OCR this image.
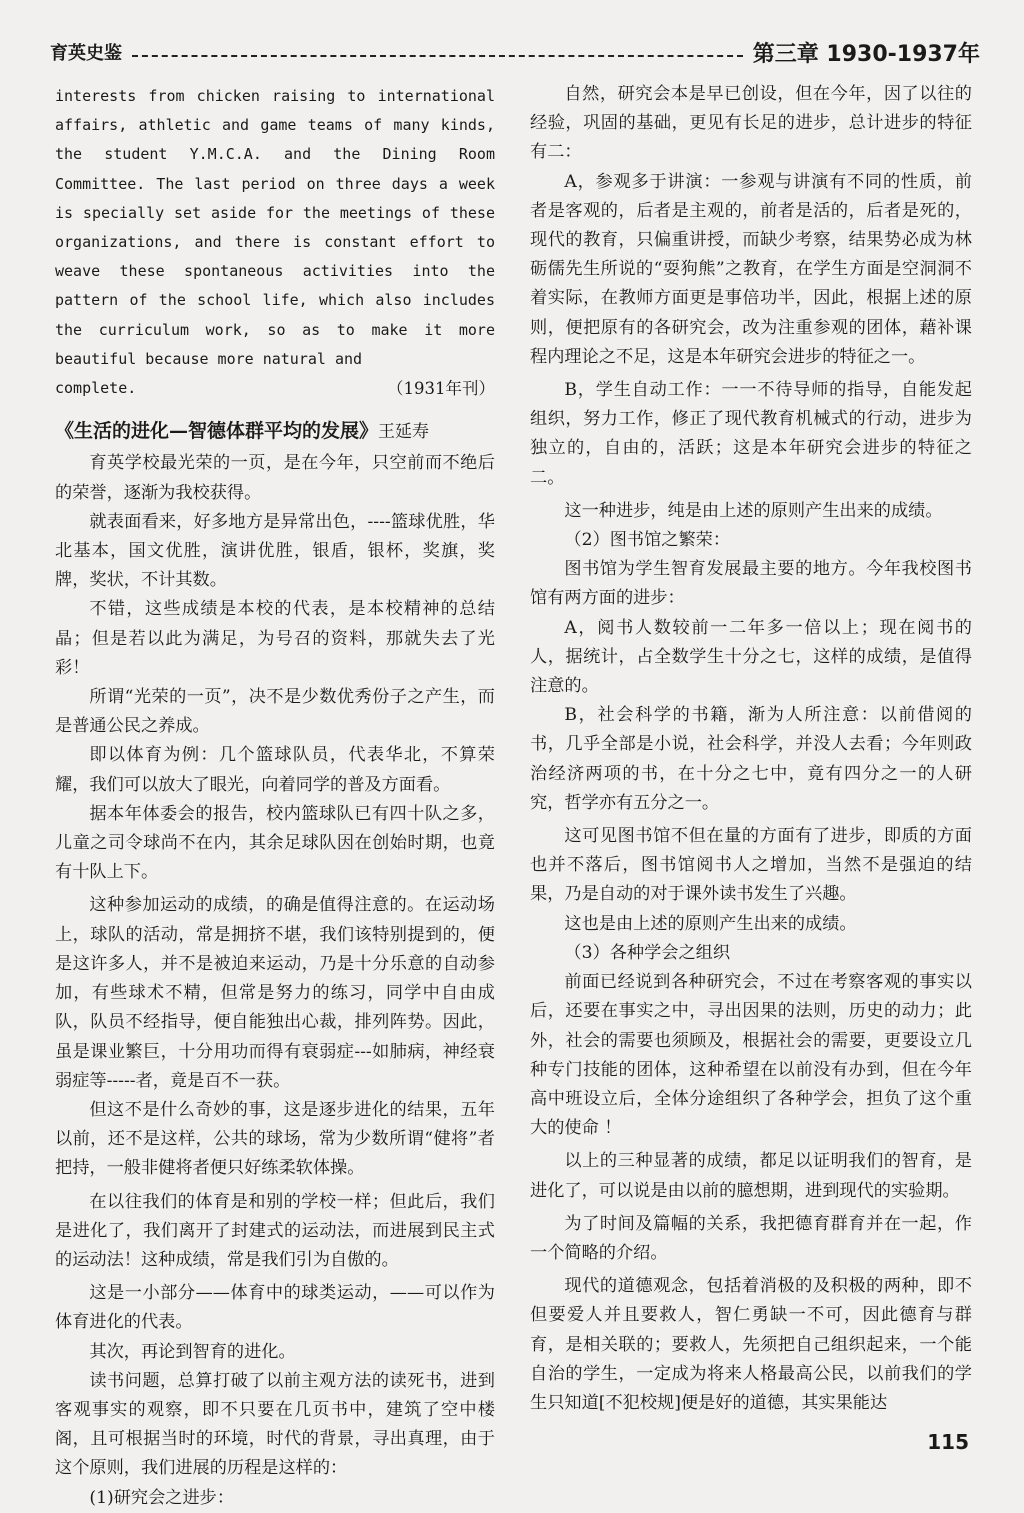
育英史鉴	第三章 1930-1937年
interests from chicken raising to international affairs, athletic and game teams of many kinds, the student Y.M.C.A. and the Dining Room Committee. The last period on three days a week is specially set aside for the meetings of these organizations, and there is constant effort to weave these spontaneous activities into the pattern of the school life, which also includes the curriculum work, so as to make it more beautiful because more natural and
complete.	（1931年刊）
《生活的进化—智德体群平均的发展》王延寿

育英学校最光荣的一页，是在今年，只空前而不绝后的荣誉，逐渐为我校获得。

就表面看来，好多地方是异常出色，----篮球优胜，华北基本，国文优胜，演讲优胜，银盾，银杯，奖旗，奖牌，奖状，不计其数。

不错，这些成绩是本校的代表，是本校精神的总结晶；但是若以此为满足，为号召的资料，那就失去了光彩！

所谓“光荣的一页”，决不是少数优秀份子之产生，而是普通公民之养成。

即以体育为例：几个篮球队员，代表华北，不算荣耀，我们可以放大了眼光，向着同学的普及方面看。

据本年体委会的报告，校内篮球队已有四十队之多，儿童之司令球尚不在内，其余足球队因在创始时期，也竟有十队上下。

这种参加运动的成绩，的确是值得注意的。在运动场上，球队的活动，常是拥挤不堪，我们该特别提到的，便是这许多人，并不是被迫来运动，乃是十分乐意的自动参加，有些球术不精，但常是努力的练习，同学中自由成队，队员不经指导，便自能独出心裁，排列阵势。因此，虽是课业繁巨，十分用功而得有衰弱症---如肺病，神经衰弱症等-----者，竟是百不一获。

但这不是什么奇妙的事，这是逐步进化的结果，五年以前，还不是这样，公共的球场，常为少数所谓“健将”者把持，一般非健将者便只好练柔软体操。

在以往我们的体育是和别的学校一样；但此后，我们是进化了，我们离开了封建式的运动法，而进展到民主式的运动法！这种成绩，常是我们引为自傲的。

这是一小部分——体育中的球类运动，——可以作为体育进化的代表。

其次，再论到智育的进化。

读书问题，总算打破了以前主观方法的读死书，进到客观事实的观察，即不只要在几页书中，建筑了空中楼阁，且可根据当时的环境，时代的背景，寻出真理，由于这个原则，我们进展的历程是这样的：

(1)研究会之进步：

自然，研究会本是早已创设，但在今年，因了以往的经验，巩固的基础，更见有长足的进步，总计进步的特征有二：

A，参观多于讲演：一参观与讲演有不同的性质，前者是客观的，后者是主观的，前者是活的，后者是死的，现代的教育，只偏重讲授，而缺少考察，结果势必成为林砺儒先生所说的“耍狗熊”之教育，在学生方面是空洞洞不着实际，在教师方面更是事倍功半，因此，根据上述的原则，便把原有的各研究会，改为注重参观的团体，藉补课程内理论之不足，这是本年研究会进步的特征之一。

B，学生自动工作：一一不待导师的指导，自能发起组织，努力工作，修正了现代教育机械式的行动，进步为独立的，自由的，活跃；这是本年研究会进步的特征之二。

这一种进步，纯是由上述的原则产生出来的成绩。

（2）图书馆之繁荣：

图书馆为学生智育发展最主要的地方。今年我校图书馆有两方面的进步：

A，阅书人数较前一二年多一倍以上；现在阅书的人，据统计，占全数学生十分之七，这样的成绩，是值得注意的。

B，社会科学的书籍，渐为人所注意：以前借阅的书，几乎全部是小说，社会科学，并没人去看；今年则政治经济两项的书，在十分之七中，竟有四分之一的人研究，哲学亦有五分之一。

这可见图书馆不但在量的方面有了进步，即质的方面也并不落后，图书馆阅书人之增加，当然不是强迫的结果，乃是自动的对于课外读书发生了兴趣。

这也是由上述的原则产生出来的成绩。

（3）各种学会之组织

前面已经说到各种研究会，不过在考察客观的事实以后，还要在事实之中，寻出因果的法则，历史的动力；此外，社会的需要也须顾及，根据社会的需要，更要设立几种专门技能的团体，这种希望在以前没有办到，但在今年高中班设立后，全体分途组织了各种学会，担负了这个重大的使命 ！

以上的三种显著的成绩，都足以证明我们的智育，是进化了，可以说是由以前的臆想期，进到现代的实验期。

为了时间及篇幅的关系，我把德育群育并在一起，作一个简略的介绍。

现代的道德观念，包括着消极的及积极的两种，即不但要爱人并且要救人，智仁勇缺一不可，因此德育与群育，是相关联的；要救人，先须把自己组织起来，一个能自治的学生，一定成为将来人格最高公民，以前我们的学生只知道[不犯校规]便是好的道德，其实果能达

115
